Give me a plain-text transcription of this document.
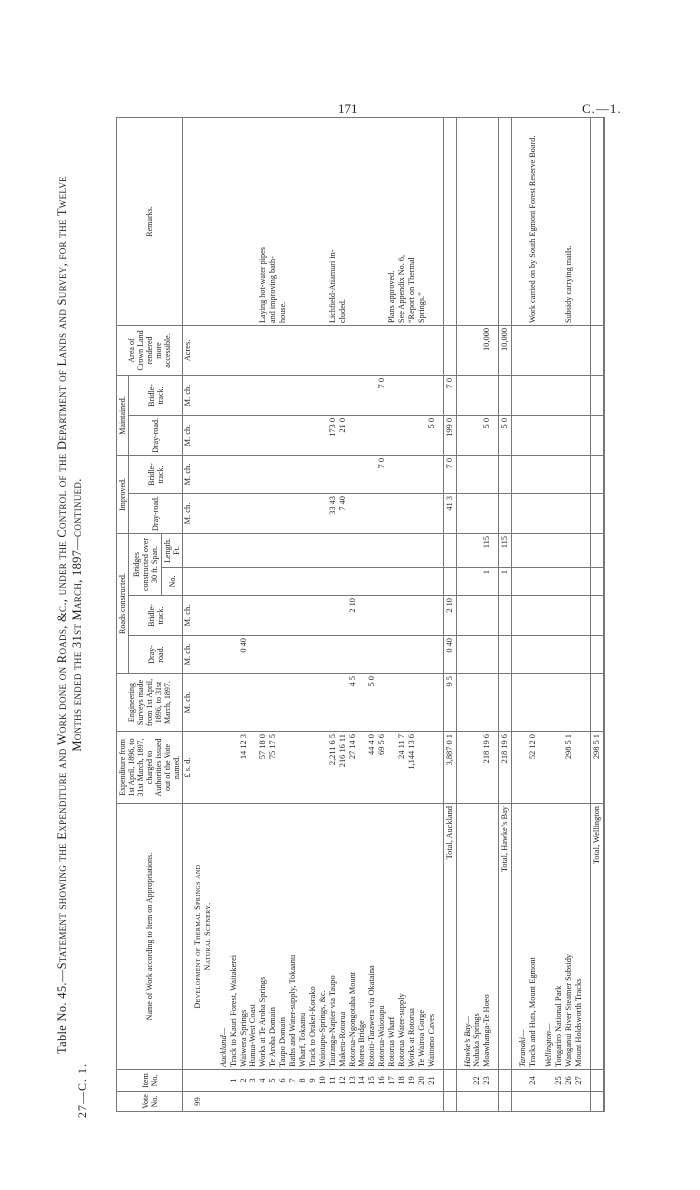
171	C.—1.
Table No. 45.—Statement showing the Expenditure and Work done on Roads, &c., under the Control of the Department of Lands and Survey, for the Twelve Months ended the 31st March, 1897—continued.
27—C. 1.	Vote No.	Item No.	Name of Work according to Item on Appropriations.	Expenditure from 1st April, 1896, to 31st March, 1897, charged to Authorities issued out of the Vote named.	Engineering Surveys made from 1st April, 1896, to 31st March, 1897.	Roads constructed.				Improved.		Maintained.		Area of Crown Land rendered more accessible.	Remarks.
					Dray-road.	Bridle-track.	Bridges constructed over 30 ft. Span.		Dray-road.	Bridle-track.	Dray-road.	Bridle-track.		
							No.	Length. Ft.						
			£ s. d.	M. ch.	M. ch.	M. ch.			M. ch.	M. ch.	M. ch.	M. ch.	Acres.	
99		Development of Thermal Springs and												
		Natural Scenery.												

		Auckland—												
	1	Track to Kauri Forest, Waitakerei												
	2	Waiwera Springs	14 12 3		0 40									
	3	Hunua-West Coast												
	4	Works at Te Aroha Springs	57 18 0											Laying hot-water pipes
	5	Te Aroha Domain	75 17 5											and improving bath-
	6	Taupo Domain												house.
	7	Baths and Water-supply, Tokaanu												
	8	Wharf, Tokaanu												
	9	Track to Orakei-Korako												
	10	Waiotapu-Springs, &c.												
	11	Tauranga-Napier via Taupo	2,211 6 5						33 43		173 0			Lichfield-Atiamuri in-
	12	Maketu-Rotorua	216 16 11						7 40		21 0			cluded.
	13	Rotorua-Ngongotaha Mount	27 14 6	4 5		2 10								
	14	Morea Bridge												
	15	Rotoiti-Tarawera via Okataina	44 4 0	5 0										
	16	Rotorua-Waiotapu	69 5 6							7 0		7 0		
	17	Rotorua Wharf												Plans approved.
	18	Rotorua Water-supply	24 11 7											See Appendix No. 6,
	19	Works at Rotorua	1,144 13 6											“Report on Thermal
	20	Te Wairoa Gorge												Springs.”
	21	Waitomo Caves									5 0			

		Total, Auckland	3,887 0 1	9 5	0 40	2 10			41 3	7 0	199 0	7 0		

		Hawke’s Bay—												
	22	Nuhaka Springs												
	23	Moawhanga-Te Hoeo	218 19 6				1	115			5 0		10,000	

		Total, Hawke’s Bay	218 19 6				1	115			5 0		10,000	

		Taranaki—												
	24	Tracks and Huts, Mount Egmont	52 12 0											Work carried on by South Egmont Forest Reserve Board.

		Wellington—												
	25	Tongariro National Park												
	26	Wanganui River Steamer Subsidy	298 5 1											Subsidy carrying mails.
	27	Mount Holdsworth Tracks												

		Total, Wellington	298 5 1											
